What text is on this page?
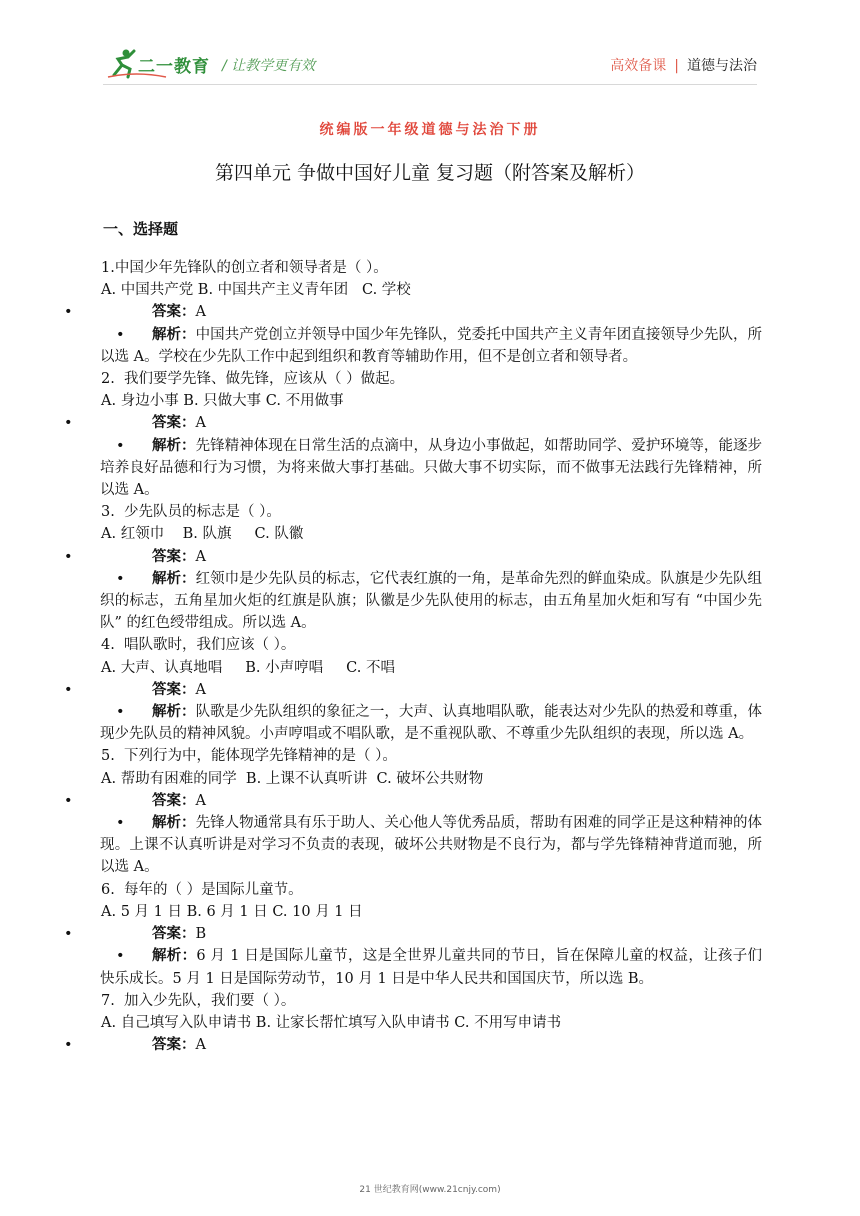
二一教育 / 让教学更有效	高效备课 | 道德与法治
统编版一年级道德与法治下册
第四单元 争做中国好儿童 复习题（附答案及解析）
一、选择题

1.中国少年先锋队的创立者和领导者是（ ）。

A. 中国共产党 B. 中国共产主义青年团   C. 学校

• 答案：A

• 解析：中国共产党创立并领导中国少年先锋队，党委托中国共产主义青年团直接领导少先队，所以选 A。学校在少先队工作中起到组织和教育等辅助作用，但不是创立者和领导者。

2.  我们要学先锋、做先锋，应该从（ ）做起。

A. 身边小事 B. 只做大事 C. 不用做事

• 答案：A

• 解析：先锋精神体现在日常生活的点滴中，从身边小事做起，如帮助同学、爱护环境等，能逐步培养良好品德和行为习惯，为将来做大事打基础。只做大事不切实际，而不做事无法践行先锋精神，所以选 A。

3.  少先队员的标志是（ ）。

A. 红领巾    B. 队旗     C. 队徽

• 答案：A

• 解析：红领巾是少先队员的标志，它代表红旗的一角，是革命先烈的鲜血染成。队旗是少先队组织的标志，五角星加火炬的红旗是队旗；队徽是少先队使用的标志，由五角星加火炬和写有 “中国少先队” 的红色绶带组成。所以选 A。

4.  唱队歌时，我们应该（ ）。

A. 大声、认真地唱     B. 小声哼唱     C. 不唱

• 答案：A

• 解析：队歌是少先队组织的象征之一，大声、认真地唱队歌，能表达对少先队的热爱和尊重，体现少先队员的精神风貌。小声哼唱或不唱队歌，是不重视队歌、不尊重少先队组织的表现，所以选 A。

5.  下列行为中，能体现学先锋精神的是（ ）。

A. 帮助有困难的同学  B. 上课不认真听讲  C. 破坏公共财物

• 答案：A

• 解析：先锋人物通常具有乐于助人、关心他人等优秀品质，帮助有困难的同学正是这种精神的体现。上课不认真听讲是对学习不负责的表现，破坏公共财物是不良行为，都与学先锋精神背道而驰，所以选 A。

6.  每年的（ ）是国际儿童节。

A. 5 月 1 日 B. 6 月 1 日 C. 10 月 1 日

• 答案：B

• 解析：6 月 1 日是国际儿童节，这是全世界儿童共同的节日，旨在保障儿童的权益，让孩子们快乐成长。5 月 1 日是国际劳动节，10 月 1 日是中华人民共和国国庆节，所以选 B。

7.  加入少先队，我们要（ ）。

A. 自己填写入队申请书 B. 让家长帮忙填写入队申请书 C. 不用写申请书

• 答案：A

21 世纪教育网(www.21cnjy.com)
